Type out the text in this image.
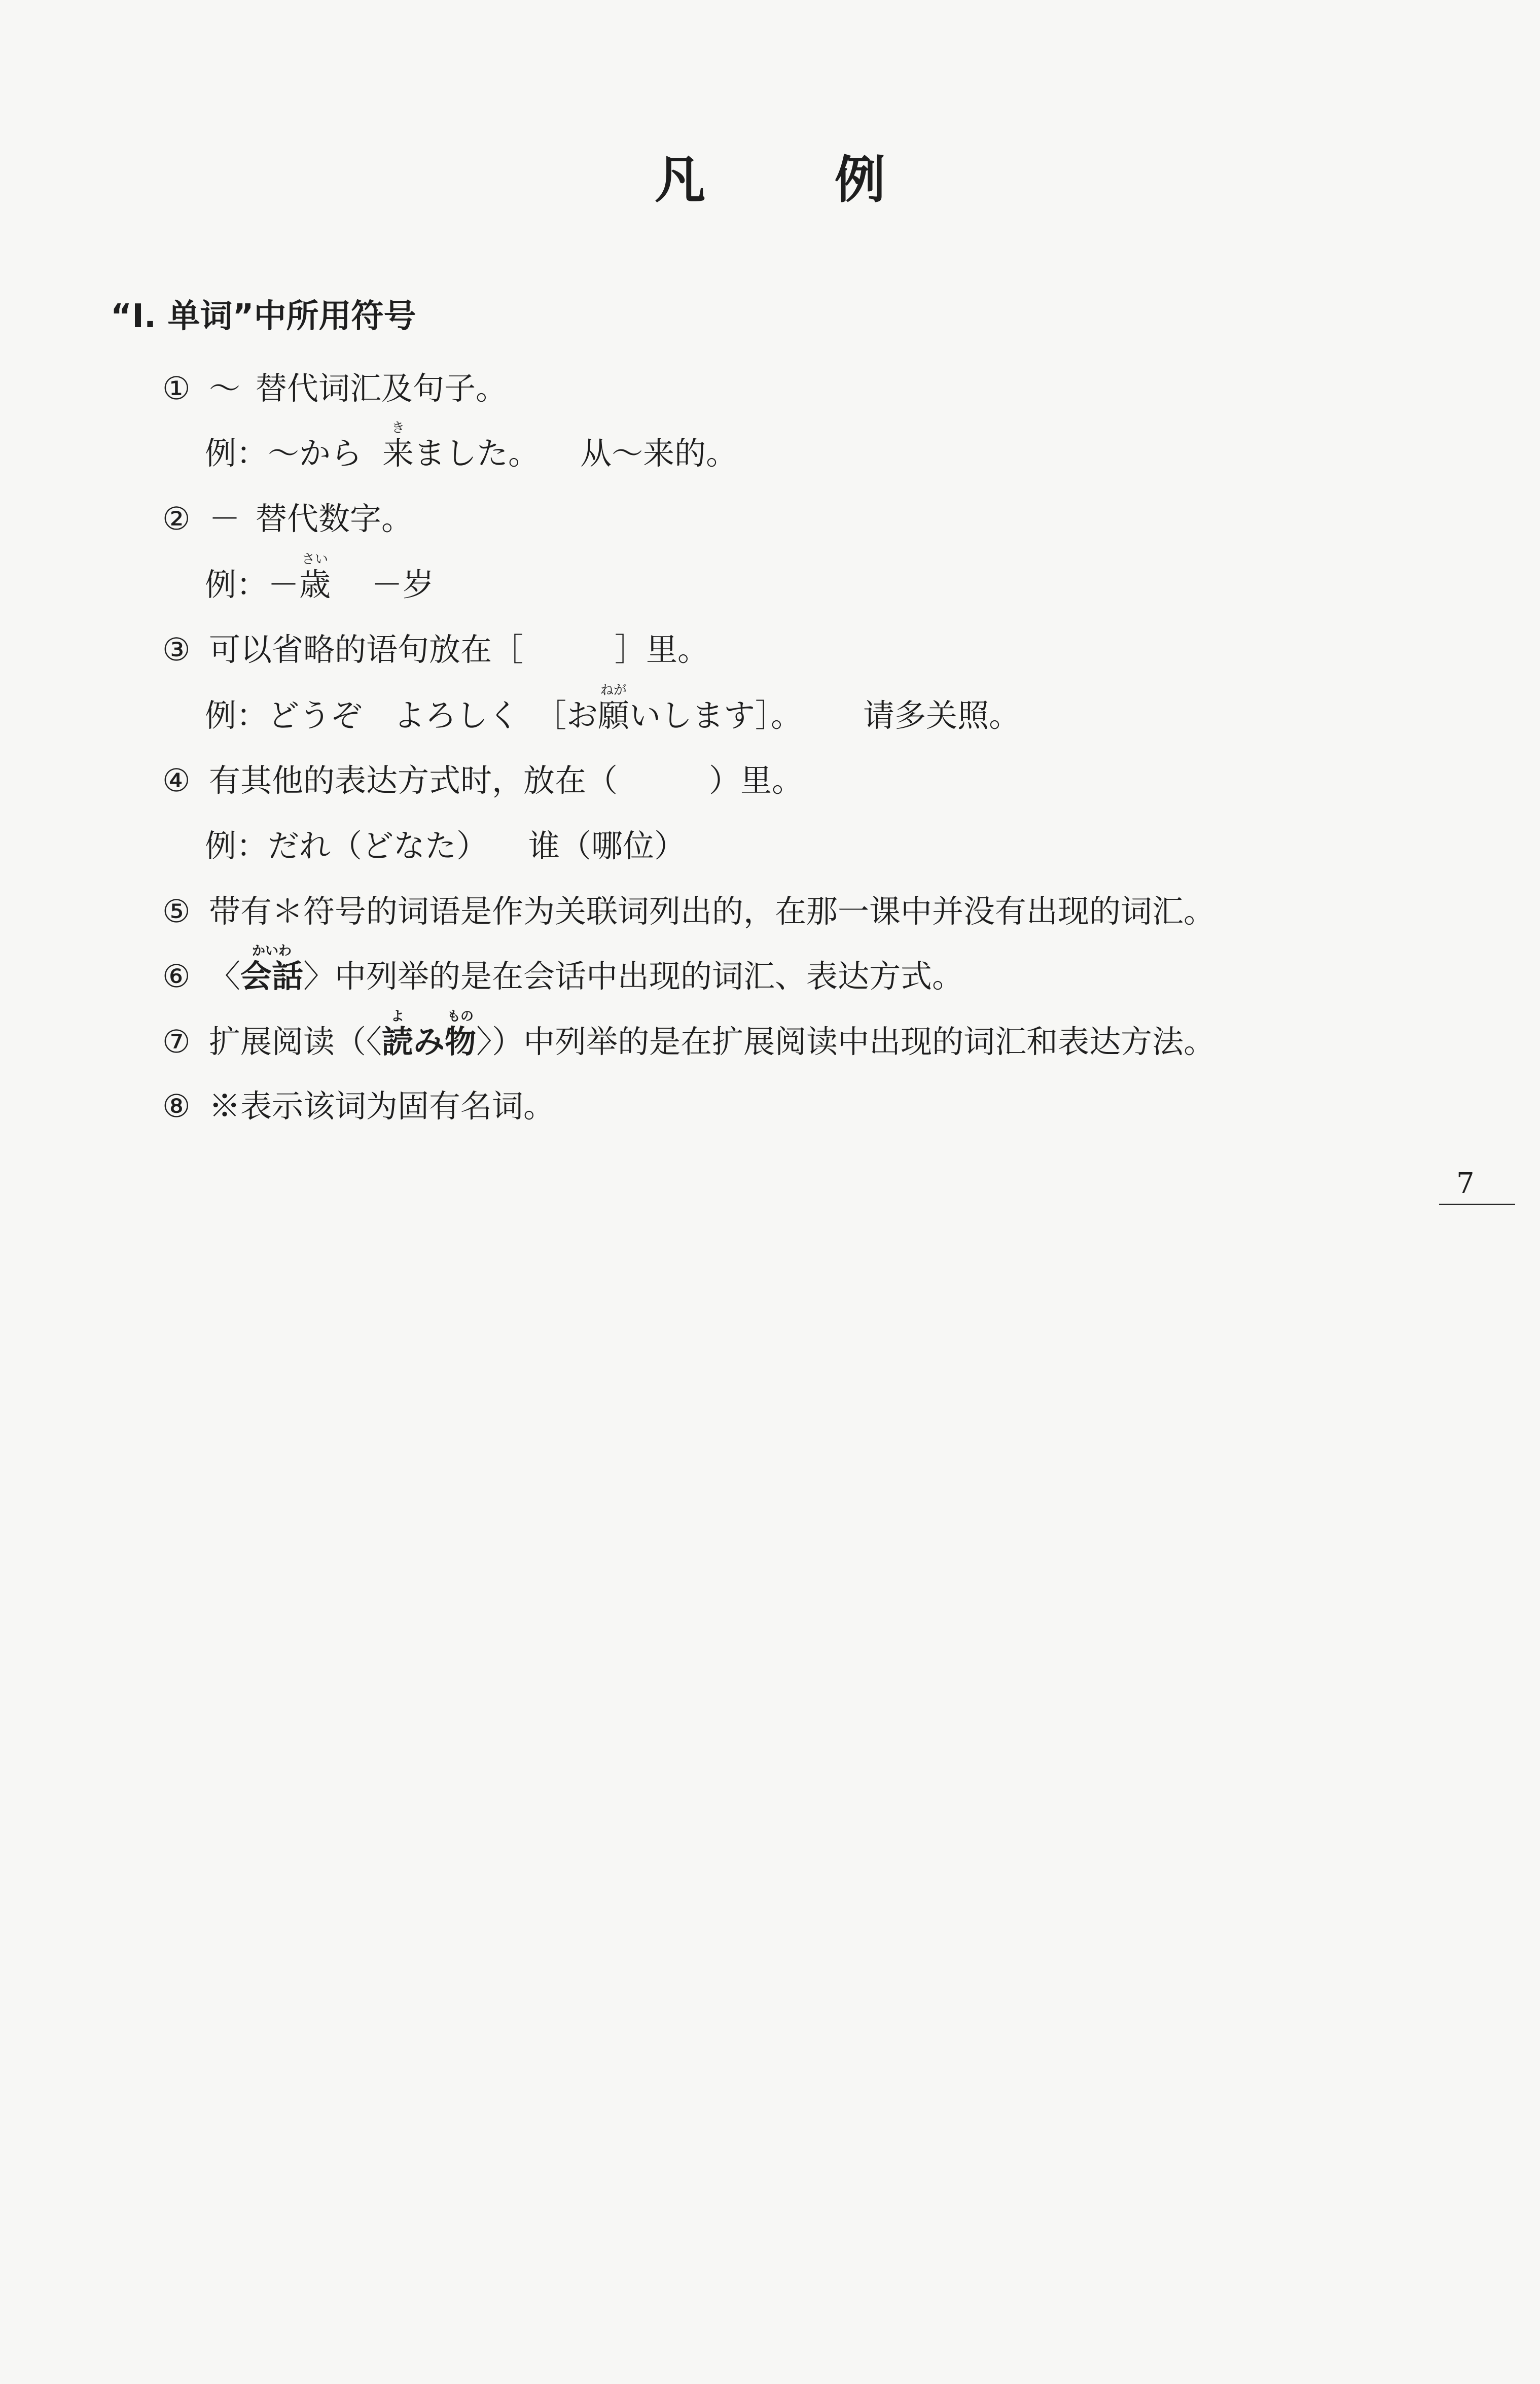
凡 例
“Ⅰ. 单词”中所用符号
① ～ 替代词汇及句子。
例：～から
き
来ました。 从～来的。
② － 替代数字。
例：－
さい
歳 －岁
③ 可以省略的语句放在［	］里。
例：どうぞ　よろしく　［お
ねが
願いします］。 请多关照。
④ 有其他的表达方式时，放在（	）里。
例：だれ（どなた） 谁（哪位）
⑤ 带有＊符号的词语是作为关联词列出的，在那一课中并没有出现的词汇。
⑥ 〈
かいわ
会話〉中列举的是在会话中出现的词汇、表达方式。
⑦ 扩展阅读（〈
よ
読み
もの
物〉）中列举的是在扩展阅读中出现的词汇和表达方法。
⑧ ※表示该词为固有名词。
7
